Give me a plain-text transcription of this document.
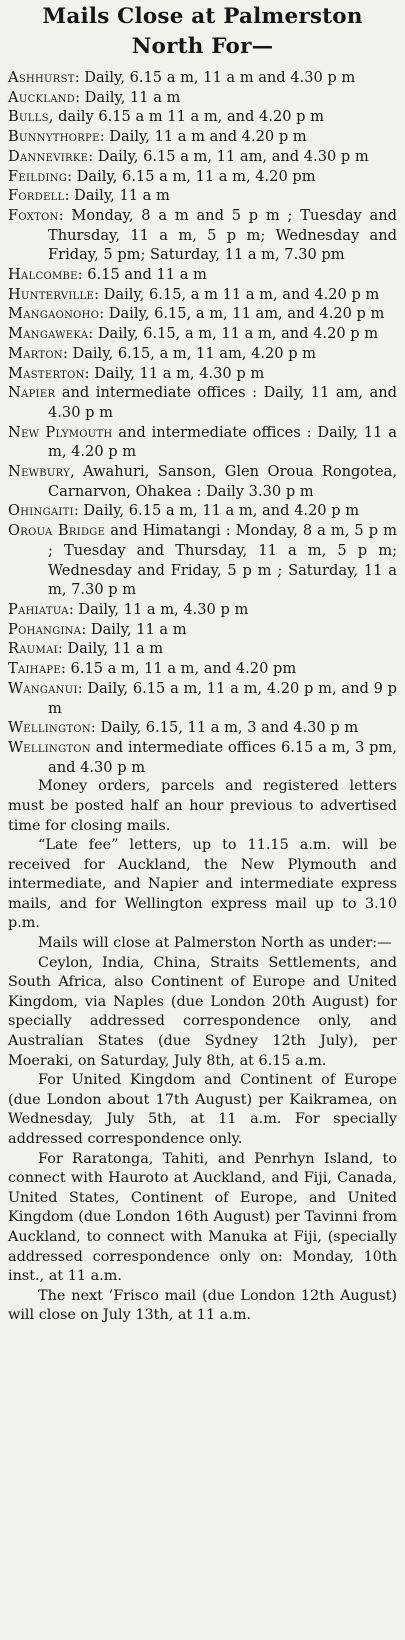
Mails Close at Palmerston
North For—
Ashhurst: Daily, 6.15 a m, 11 a m and 4.30 p m
Auckland: Daily, 11 a m
Bulls, daily 6.15 a m 11 a m, and 4.20 p m
Bunnythorpe: Daily, 11 a m and 4.20 p m
Dannevirke: Daily, 6.15 a m, 11 am, and 4.30 p m
Feilding: Daily, 6.15 a m, 11 a m, 4.20 pm
Fordell: Daily, 11 a m
Foxton: Monday, 8 a m and 5 p m ; Tuesday and Thursday, 11 a m, 5 p m; Wednesday and Friday, 5 pm; Saturday, 11 a m, 7.30 pm
Halcombe: 6.15 and 11 a m
Hunterville: Daily, 6.15, a m 11 a m, and 4.20 p m
Mangaonoho: Daily, 6.15, a m, 11 am, and 4.20 p m
Mangaweka: Daily, 6.15, a m, 11 a m, and 4.20 p m
Marton: Daily, 6.15, a m, 11 am, 4.20 p m
Masterton: Daily, 11 a m, 4.30 p m
Napier and intermediate offices : Daily, 11 am, and 4.30 p m
New Plymouth and intermediate offices : Daily, 11 a m, 4.20 p m
Newbury, Awahuri, Sanson, Glen Oroua Rongotea, Carnarvon, Ohakea : Daily 3.30 p m
Ohingaiti: Daily, 6.15 a m, 11 a m, and 4.20 p m
Oroua Bridge and Himatangi : Monday, 8 a m, 5 p m ; Tuesday and Thursday, 11 a m, 5 p m; Wednesday and Friday, 5 p m ; Saturday, 11 a m, 7.30 p m
Pahiatua: Daily, 11 a m, 4.30 p m
Pohangina: Daily, 11 a m
Raumai: Daily, 11 a m
Taihape: 6.15 a m, 11 a m, and 4.20 pm
Wanganui: Daily, 6.15 a m, 11 a m, 4.20 p m, and 9 p m
Wellington: Daily, 6.15, 11 a m, 3 and 4.30 p m
Wellington and intermediate offices 6.15 a m, 3 pm, and 4.30 p m

Money orders, parcels and registered letters must be posted half an hour previous to advertised time for closing mails.

“Late fee” letters, up to 11.15 a.m. will be received for Auckland, the New Plymouth and intermediate, and Napier and intermediate express mails, and for Wellington express mail up to 3.10 p.m.

Mails will close at Palmerston North as under:—

Ceylon, India, China, Straits Settlements, and South Africa, also Continent of Europe and United Kingdom, via Naples (due London 20th August) for specially addressed correspondence only, and Australian States (due Sydney 12th July), per Moeraki, on Saturday, July 8th, at 6.15 a.m.

For United Kingdom and Continent of Europe (due London about 17th August) per Kaikramea, on Wednesday, July 5th, at 11 a.m. For specially addressed correspondence only.

For Raratonga, Tahiti, and Penrhyn Island, to connect with Hauroto at Auckland, and Fiji, Canada, United States, Continent of Europe, and United Kingdom (due London 16th August) per Tavinni from Auckland, to connect with Manuka at Fiji, (specially addressed correspondence only on: Monday, 10th inst., at 11 a.m.

The next ’Frisco mail (due London 12th August) will close on July 13th, at 11 a.m.
